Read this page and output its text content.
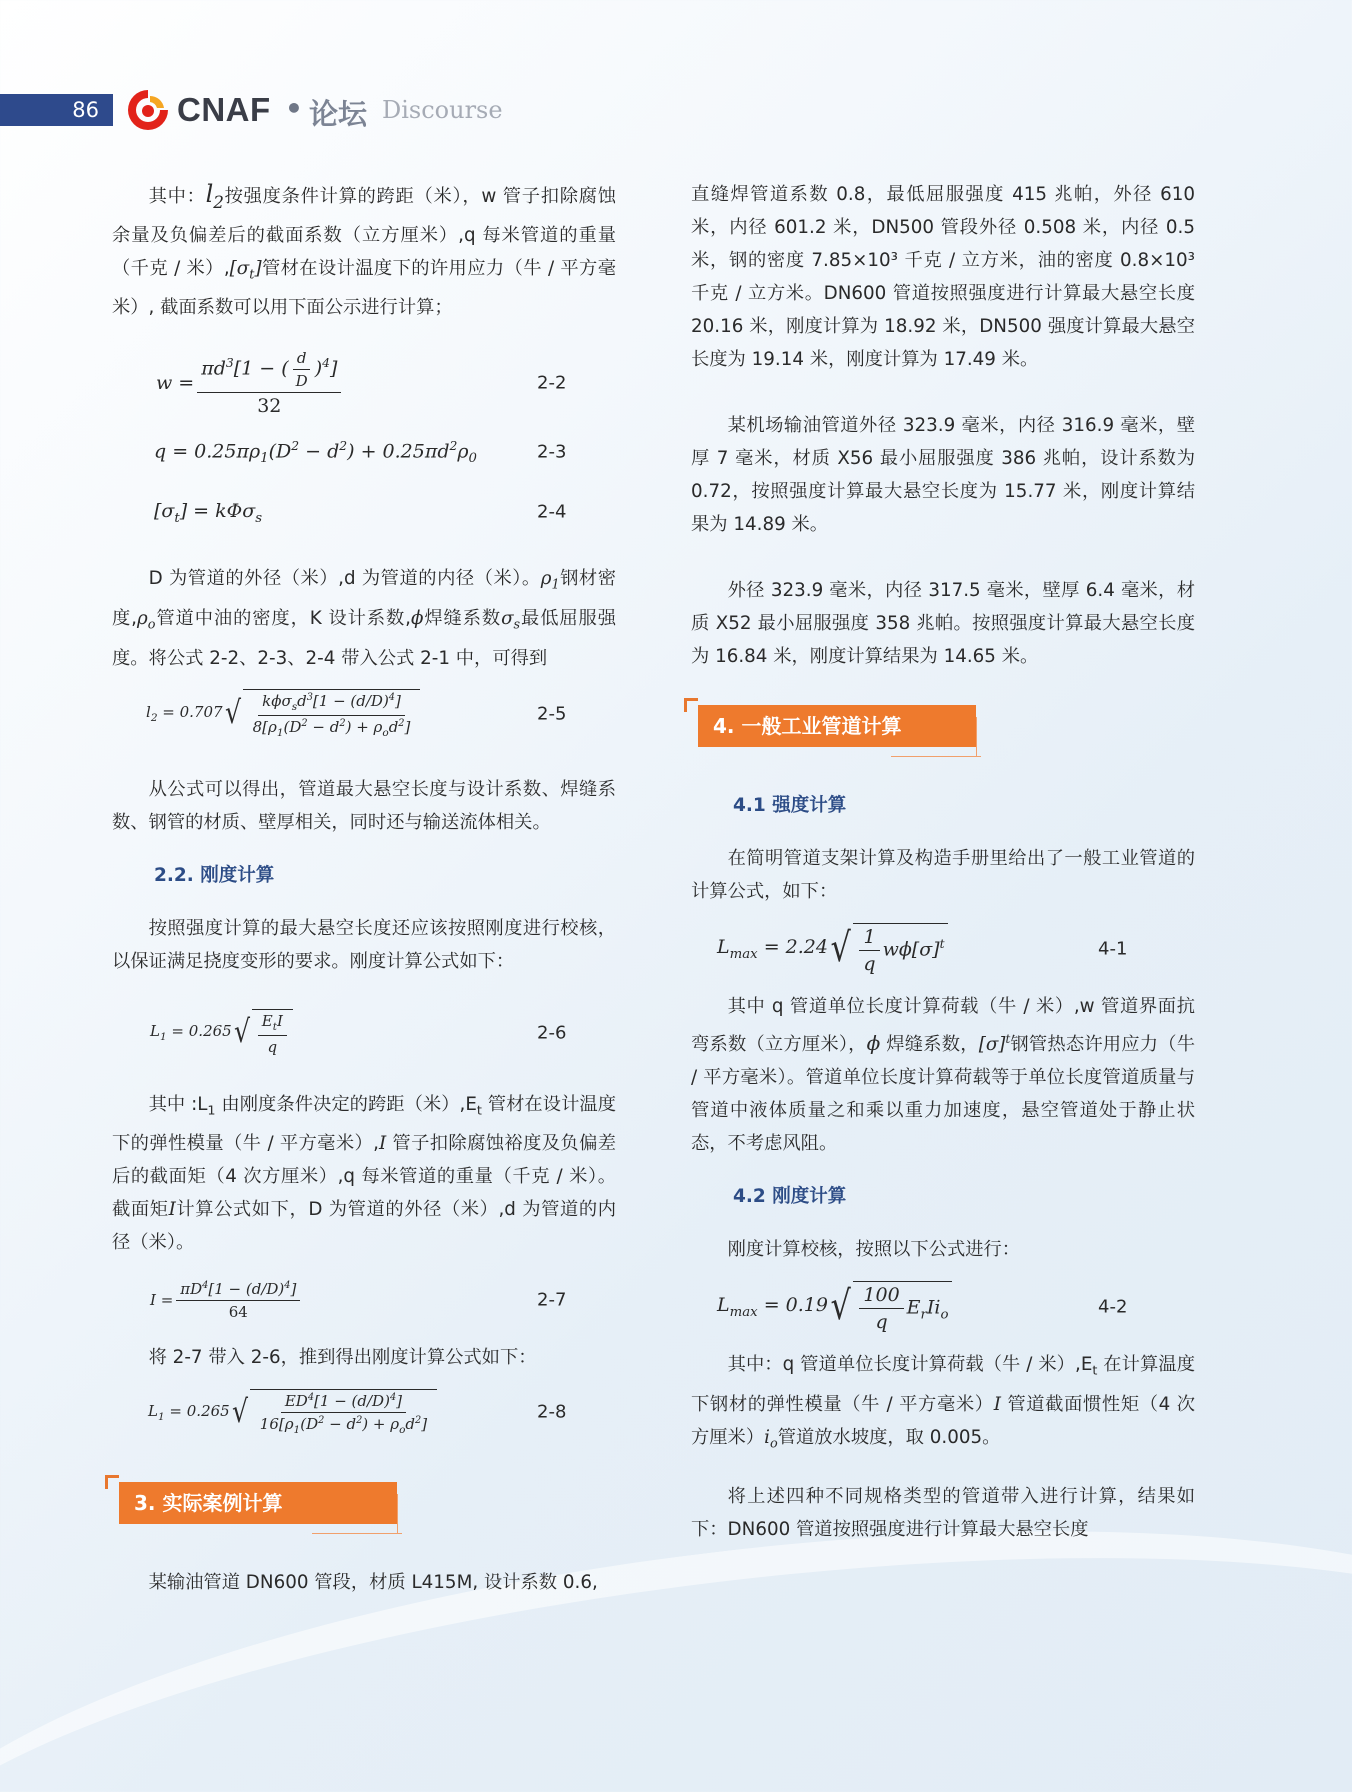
86	CNAF • 论坛 Discourse

其中：$l_2$按强度条件计算的跨距（米），w 管子扣除腐蚀余量及负偏差后的截面系数（立方厘米）,q 每米管道的重量（千克 / 米）$,[\sigma_t]$管材在设计温度下的许用应力（牛 / 平方毫米）, 截面系数可以用下面公示进行计算；

$w = \frac{\pi d^3[1 - ( \frac{d}{D} )^4]}{32}$	2-2
$q = 0.25\pi\rho_1(D^2 - d^2) + 0.25\pi d^2\rho_0$	2-3
$[\sigma_t] = k\Phi\sigma_s$	2-4

D 为管道的外径（米）,d 为管道的内径（米）。$\rho_1$钢材密度$,\rho_o$管道中油的密度，K 设计系数,ϕ焊缝系数$\sigma_s$最低屈服强度。将公式 2-2、2-3、2-4 带入公式 2-1 中，可得到

$l_2 = 0.707$ √ $\frac{k\phi\sigma_sd^3[1 - (d/D)^4]}{8[\rho_1(D^2 - d^2) + \rho_od^2]}$	2-5

从公式可以得出，管道最大悬空长度与设计系数、焊缝系数、钢管的材质、壁厚相关，同时还与输送流体相关。

2.2. 刚度计算

按照强度计算的最大悬空长度还应该按照刚度进行校核，以保证满足挠度变形的要求。刚度计算公式如下：

$L_1 = 0.265$ √ $\frac{E_tI}{q}$	2-6

其中 $:L_1$ 由刚度条件决定的跨距（米）$,E_t$ 管材在设计温度下的弹性模量（牛 / 平方毫米）,I 管子扣除腐蚀裕度及负偏差后的截面矩（4 次方厘米）,q 每米管道的重量（千克 / 米）。截面矩I计算公式如下，D 为管道的外径（米）,d 为管道的内径（米）。

$I = \frac{\pi D^4[1 - (d/D)^4]}{64}$	2-7

将 2-7 带入 2-6，推到得出刚度计算公式如下：

$L_1 = 0.265$ √ $\frac{ED^4[1 - (d/D)^4]}{16[\rho_1(D^2 - d^2) + \rho_od^2]}$	2-8
3. 实际案例计算

某输油管道 DN600 管段，材质 L415M, 设计系数 0.6,

直缝焊管道系数 0.8，最低屈服强度 415 兆帕，外径 610 米，内径 601.2 米，DN500 管段外径 0.508 米，内径 0.5 米，钢的密度 7.85×10³ 千克 / 立方米，油的密度 0.8×10³ 千克 / 立方米。DN600 管道按照强度进行计算最大悬空长度 20.16 米，刚度计算为 18.92 米，DN500 强度计算最大悬空长度为 19.14 米，刚度计算为 17.49 米。

某机场输油管道外径 323.9 毫米，内径 316.9 毫米，壁厚 7 毫米，材质 X56 最小屈服强度 386 兆帕，设计系数为 0.72，按照强度计算最大悬空长度为 15.77 米，刚度计算结果为 14.89 米。

外径 323.9 毫米，内径 317.5 毫米，壁厚 6.4 毫米，材质 X52 最小屈服强度 358 兆帕。按照强度计算最大悬空长度为 16.84 米，刚度计算结果为 14.65 米。

4. 一般工业管道计算
4.1 强度计算

在简明管道支架计算及构造手册里给出了一般工业管道的计算公式，如下：

$L_{max} = 2.24$ √ $\frac{1}{q} w\phi[\sigma]^t$	4-1

其中 q 管道单位长度计算荷载（牛 / 米）,w 管道界面抗弯系数（立方厘米），ϕ 焊缝系数，$[\sigma]^t$钢管热态许用应力（牛 / 平方毫米）。管道单位长度计算荷载等于单位长度管道质量与管道中液体质量之和乘以重力加速度，悬空管道处于静止状态，不考虑风阻。

4.2 刚度计算

刚度计算校核，按照以下公式进行：

$L_{max} = 0.19$ √ $\frac{100}{q} E_rIi_o$	4-2

其中：q 管道单位长度计算荷载（牛 / 米）$,E_t$ 在计算温度下钢材的弹性模量（牛 / 平方毫米）I 管道截面惯性矩（4 次方厘米）$i_o$管道放水坡度，取 0.005。

将上述四种不同规格类型的管道带入进行计算，结果如下：DN600 管道按照强度进行计算最大悬空长度
